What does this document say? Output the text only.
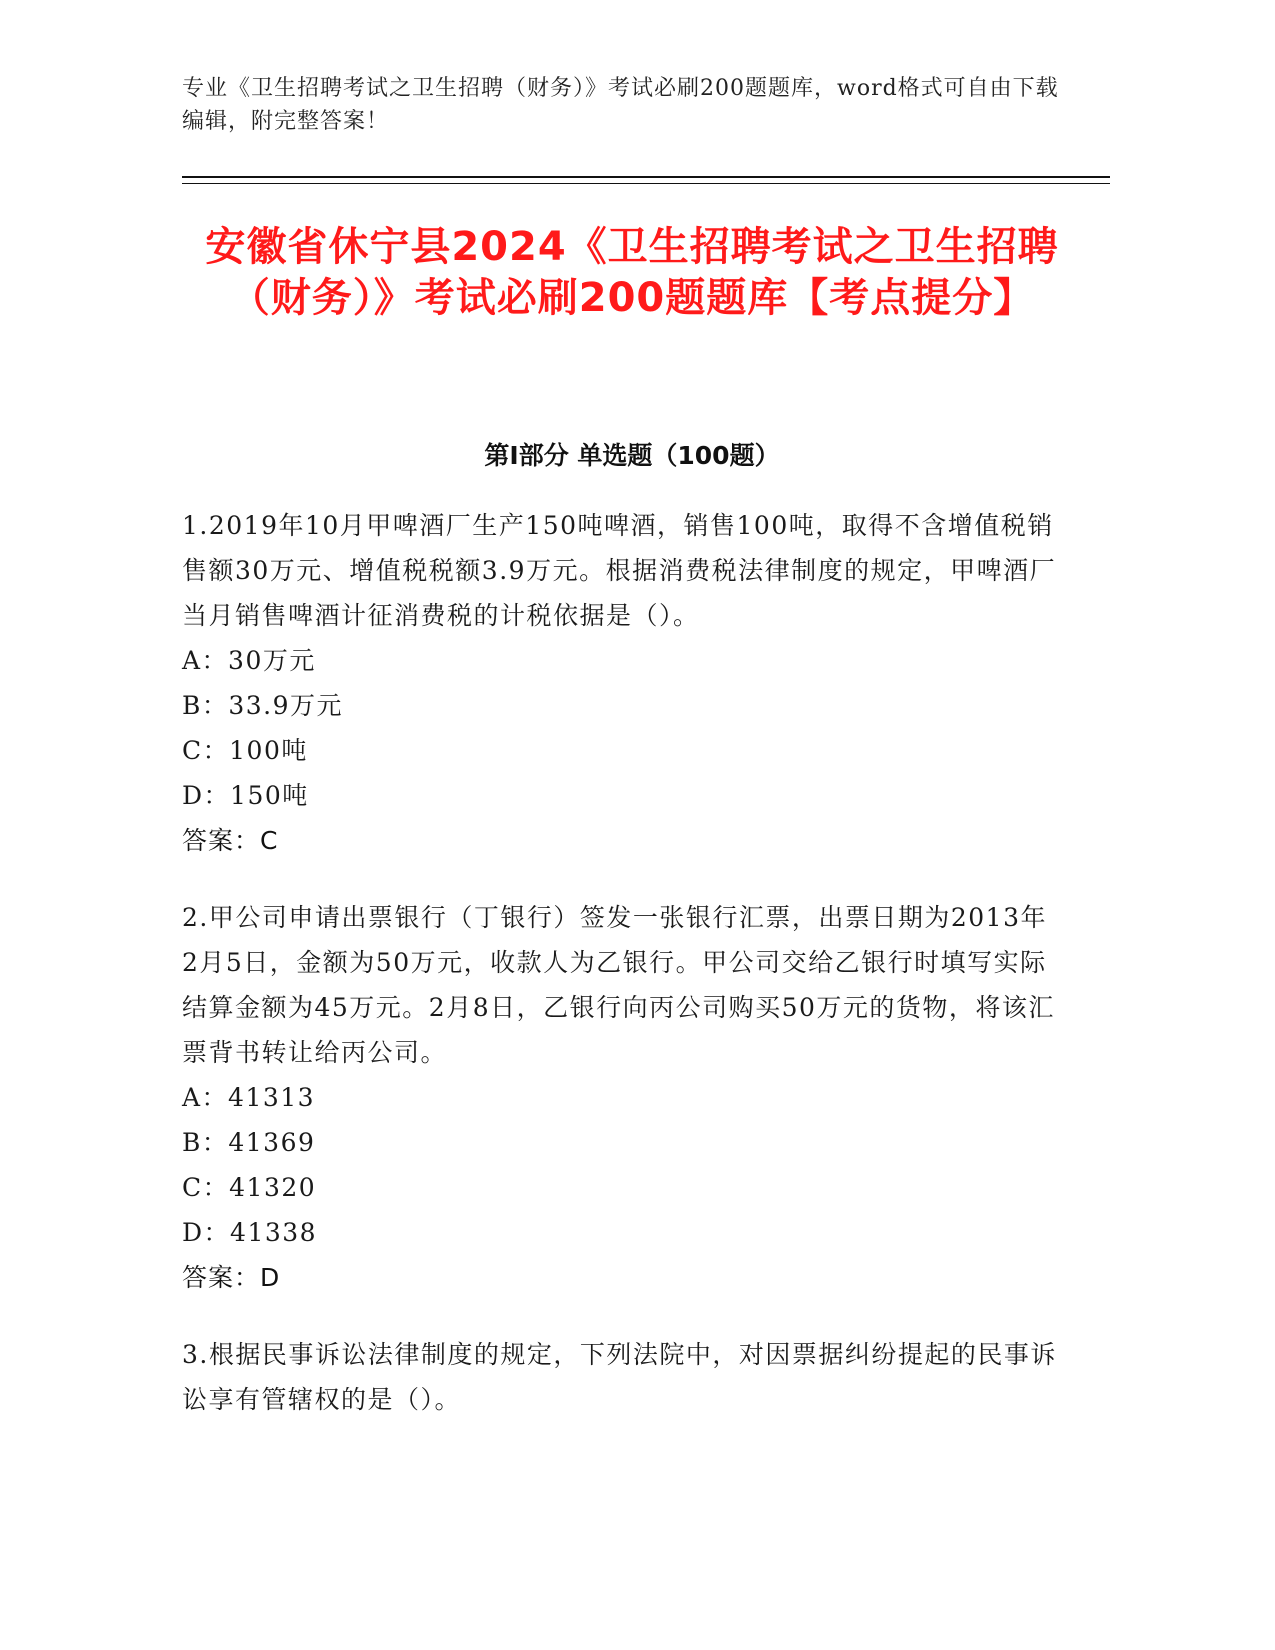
专业《卫生招聘考试之卫生招聘（财务）》考试必刷200题题库，word格式可自由下载编辑，附完整答案！
安徽省休宁县2024《卫生招聘考试之卫生招聘（财务）》考试必刷200题题库【考点提分】
第Ⅰ部分 单选题（100题）

1.2019年10月甲啤酒厂生产150吨啤酒，销售100吨，取得不含增值税销售额30万元、增值税税额3.9万元。根据消费税法律制度的规定，甲啤酒厂当月销售啤酒计征消费税的计税依据是（）。

A：30万元

B：33.9万元

C：100吨

D：150吨

答案：C

2.甲公司申请出票银行（丁银行）签发一张银行汇票，出票日期为2013年2月5日，金额为50万元，收款人为乙银行。甲公司交给乙银行时填写实际结算金额为45万元。2月8日，乙银行向丙公司购买50万元的货物，将该汇票背书转让给丙公司。

A：41313

B：41369

C：41320

D：41338

答案：D

3.根据民事诉讼法律制度的规定，下列法院中，对因票据纠纷提起的民事诉讼享有管辖权的是（）。
